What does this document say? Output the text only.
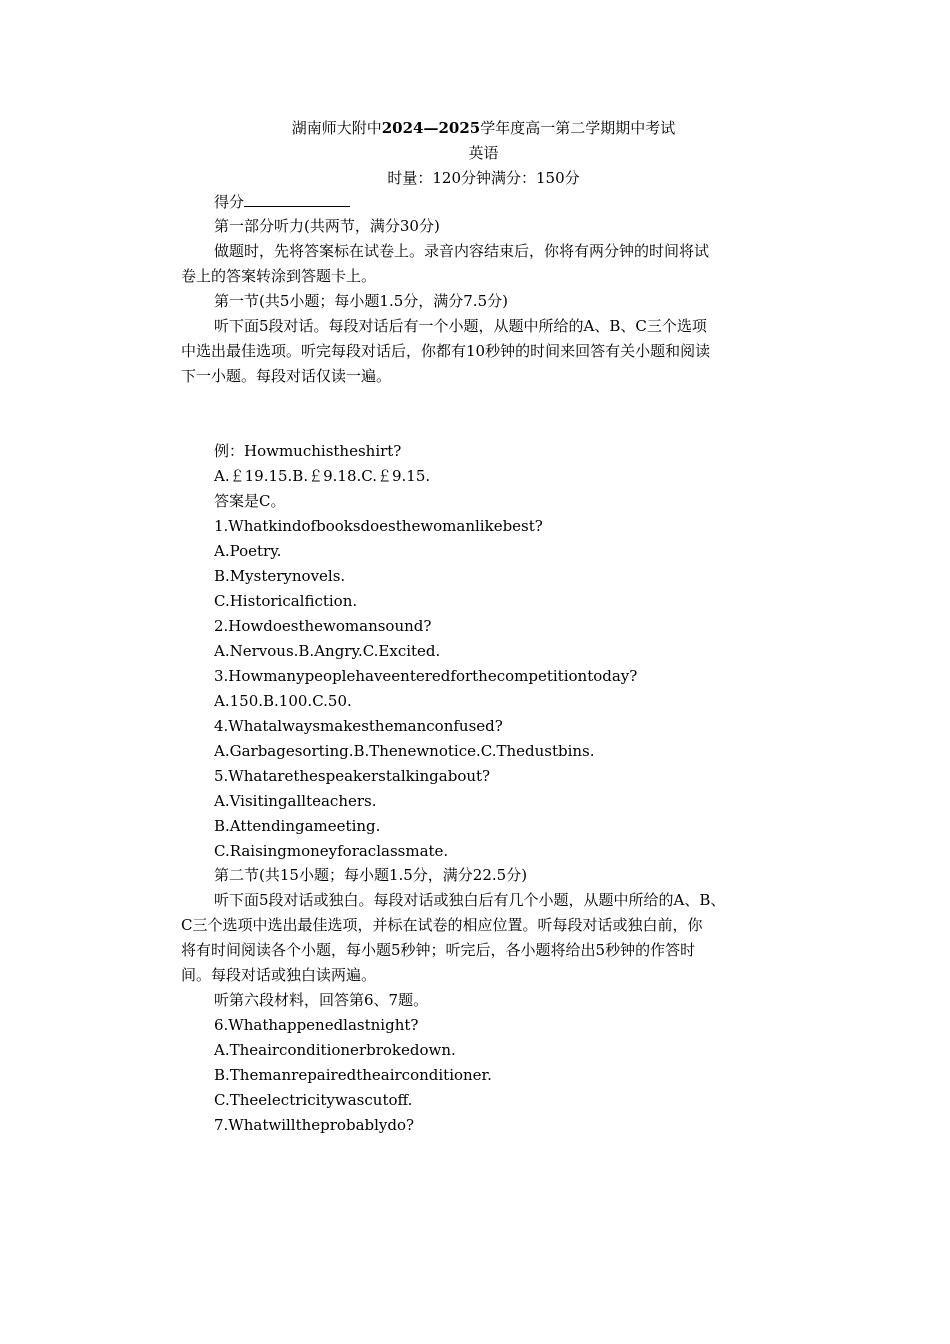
湖南师大附中2024—2025学年度高一第二学期期中考试
英语
时量：120分钟满分：150分
得分
第一部分听力(共两节，满分30分)
做题时，先将答案标在试卷上。录音内容结束后，你将有两分钟的时间将试
卷上的答案转涂到答题卡上。
第一节(共5小题；每小题1.5分，满分7.5分)
听下面5段对话。每段对话后有一个小题，从题中所给的A、B、C三个选项
中选出最佳选项。听完每段对话后，你都有10秒钟的时间来回答有关小题和阅读
下一小题。每段对话仅读一遍。
例：Howmuchistheshirt?
A.￡19.15.B.￡9.18.C.￡9.15.
答案是C。
1.Whatkindofbooksdoesthewomanlikebest?
A.Poetry.
B.Mysterynovels.
C.Historicalfiction.
2.Howdoesthewomansound?
A.Nervous.B.Angry.C.Excited.
3.Howmanypeoplehaveenteredforthecompetitiontoday?
A.150.B.100.C.50.
4.Whatalwaysmakesthemanconfused?
A.Garbagesorting.B.Thenewnotice.C.Thedustbins.
5.Whatarethespeakerstalkingabout?
A.Visitingallteachers.
B.Attendingameeting.
C.Raisingmoneyforaclassmate.
第二节(共15小题；每小题1.5分，满分22.5分)
听下面5段对话或独白。每段对话或独白后有几个小题，从题中所给的A、B、
C三个选项中选出最佳选项，并标在试卷的相应位置。听每段对话或独白前，你
将有时间阅读各个小题，每小题5秒钟；听完后，各小题将给出5秒钟的作答时
间。每段对话或独白读两遍。
听第六段材料，回答第6、7题。
6.Whathappenedlastnight?
A.Theairconditionerbrokedown.
B.Themanrepairedtheairconditioner.
C.Theelectricitywascutoff.
7.Whatwilltheprobablydo?
